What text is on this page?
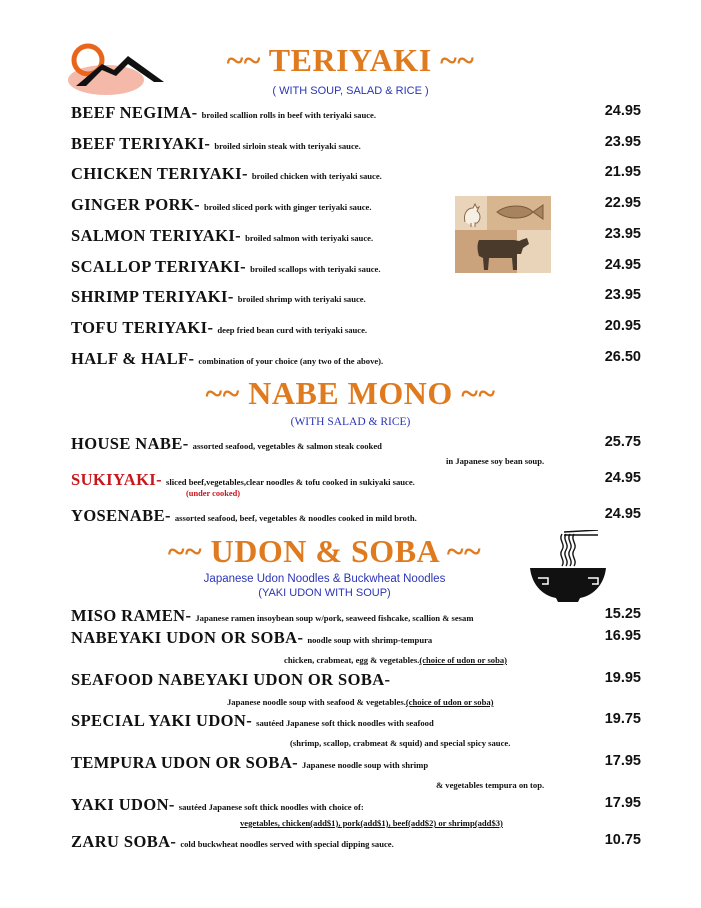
~~ TERIYAKI ~~
( WITH SOUP, SALAD & RICE )
BEEF NEGIMA- broiled scallion rolls in beef with teriyaki sauce.	24.95
BEEF TERIYAKI- broiled sirloin steak with teriyaki sauce.	23.95
CHICKEN TERIYAKI- broiled chicken with teriyaki sauce.	21.95
GINGER PORK- broiled sliced pork with ginger teriyaki sauce.	22.95
SALMON TERIYAKI- broiled salmon with teriyaki sauce.	23.95
SCALLOP TERIYAKI- broiled scallops with teriyaki sauce.	24.95
SHRIMP TERIYAKI- broiled shrimp with teriyaki sauce.	23.95
TOFU TERIYAKI- deep fried bean curd with teriyaki sauce.	20.95
HALF & HALF- combination of your choice (any two of the above).	26.50
~~ NABE MONO ~~
(WITH SALAD & RICE)
HOUSE NABE- assorted seafood, vegetables & salmon steak cooked	25.75
in Japanese soy bean soup.
SUKIYAKI- sliced beef,vegetables,clear noodles & tofu cooked in sukiyaki sauce.	24.95
(under cooked)
YOSENABE- assorted seafood, beef, vegetables & noodles cooked in mild broth.	24.95
~~ UDON & SOBA ~~
Japanese Udon Noodles & Buckwheat Noodles
(YAKI UDON WITH SOUP)
MISO RAMEN- Japanese ramen insoybean soup w/pork, seaweed fishcake, scallion & sesam	15.25
NABEYAKI UDON OR SOBA- noodle soup with shrimp-tempura	16.95
chicken, crabmeat, egg & vegetables.(choice of udon or soba)
SEAFOOD NABEYAKI UDON OR SOBA-	19.95
Japanese noodle soup with seafood & vegetables.(choice of udon or soba)
SPECIAL YAKI UDON- sautéed Japanese soft thick noodles with seafood	19.75
(shrimp, scallop, crabmeat & squid) and special spicy sauce.
TEMPURA UDON OR SOBA- Japanese noodle soup with shrimp	17.95
& vegetables tempura on top.
YAKI UDON- sautéed Japanese soft thick noodles with choice of:	17.95
vegetables, chicken(add$1), pork(add$1), beef(add$2) or shrimp(add$3)
ZARU SOBA- cold buckwheat noodles served with special dipping sauce.	10.75
